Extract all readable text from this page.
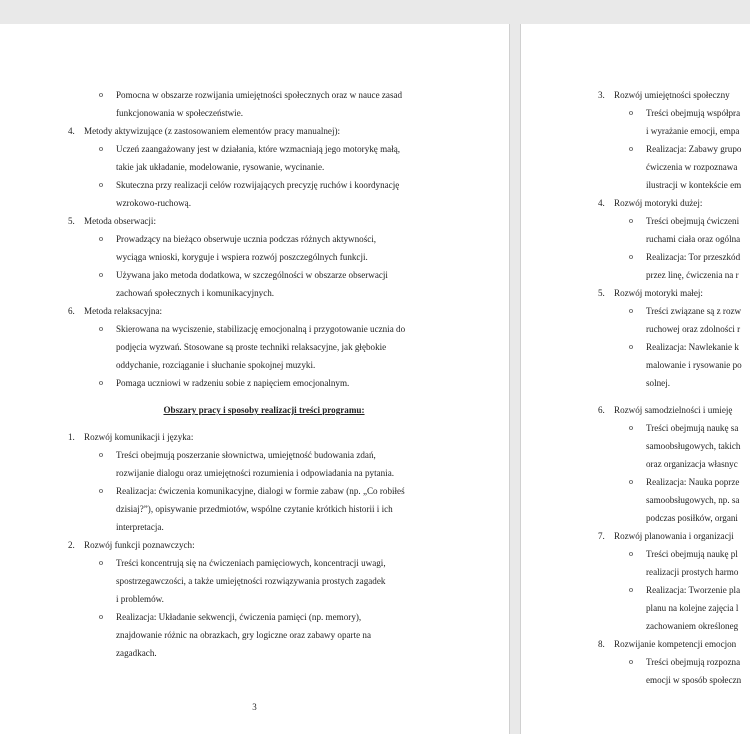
o Pomocna w obszarze rozwijania umiejętności społecznych oraz w nauce zasad
funkcjonowania w społeczeństwie.
4. Metody aktywizujące (z zastosowaniem elementów pracy manualnej):
o Uczeń zaangażowany jest w działania, które wzmacniają jego motorykę małą,
takie jak układanie, modelowanie, rysowanie, wycinanie.
o Skuteczna przy realizacji celów rozwijających precyzję ruchów i koordynację
wzrokowo-ruchową.
5. Metoda obserwacji:
o Prowadzący na bieżąco obserwuje ucznia podczas różnych aktywności,
wyciąga wnioski, koryguje i wspiera rozwój poszczególnych funkcji.
o Używana jako metoda dodatkowa, w szczególności w obszarze obserwacji
zachowań społecznych i komunikacyjnych.
6. Metoda relaksacyjna:
o Skierowana na wyciszenie, stabilizację emocjonalną i przygotowanie ucznia do
podjęcia wyzwań. Stosowane są proste techniki relaksacyjne, jak głębokie
oddychanie, rozciąganie i słuchanie spokojnej muzyki.
o Pomaga uczniowi w radzeniu sobie z napięciem emocjonalnym.
Obszary pracy i sposoby realizacji treści programu:
1. Rozwój komunikacji i języka:
o Treści obejmują poszerzanie słownictwa, umiejętność budowania zdań,
rozwijanie dialogu oraz umiejętności rozumienia i odpowiadania na pytania.
o Realizacja: ćwiczenia komunikacyjne, dialogi w formie zabaw (np. „Co robiłeś
dzisiaj?”), opisywanie przedmiotów, wspólne czytanie krótkich historii i ich
interpretacja.
2. Rozwój funkcji poznawczych:
o Treści koncentrują się na ćwiczeniach pamięciowych, koncentracji uwagi,
spostrzegawczości, a także umiejętności rozwiązywania prostych zagadek
i problemów.
o Realizacja: Układanie sekwencji, ćwiczenia pamięci (np. memory),
znajdowanie różnic na obrazkach, gry logiczne oraz zabawy oparte na
zagadkach.
3
3. Rozwój umiejętności społeczny
o Treści obejmują współpra
i wyrażanie emocji, empa
o Realizacja: Zabawy grupo
ćwiczenia w rozpoznawa
ilustracji w kontekście em
4. Rozwój motoryki dużej:
o Treści obejmują ćwiczeni
ruchami ciała oraz ogólna
o Realizacja: Tor przeszkód
przez linę, ćwiczenia na r
5. Rozwój motoryki małej:
o Treści związane są z rozw
ruchowej oraz zdolności r
o Realizacja: Nawlekanie k
malowanie i rysowanie po
solnej.
6. Rozwój samodzielności i umieję
o Treści obejmują naukę sa
samoobsługowych, takich
oraz organizacja własnyc
o Realizacja: Nauka poprze
samoobsługowych, np. sa
podczas posiłków, organi
7. Rozwój planowania i organizacji
o Treści obejmują naukę pl
realizacji prostych harmo
o Realizacja: Tworzenie pla
planu na kolejne zajęcia l
zachowaniem określoneg
8. Rozwijanie kompetencji emocjon
o Treści obejmują rozpozna
emocji w sposób społeczn
